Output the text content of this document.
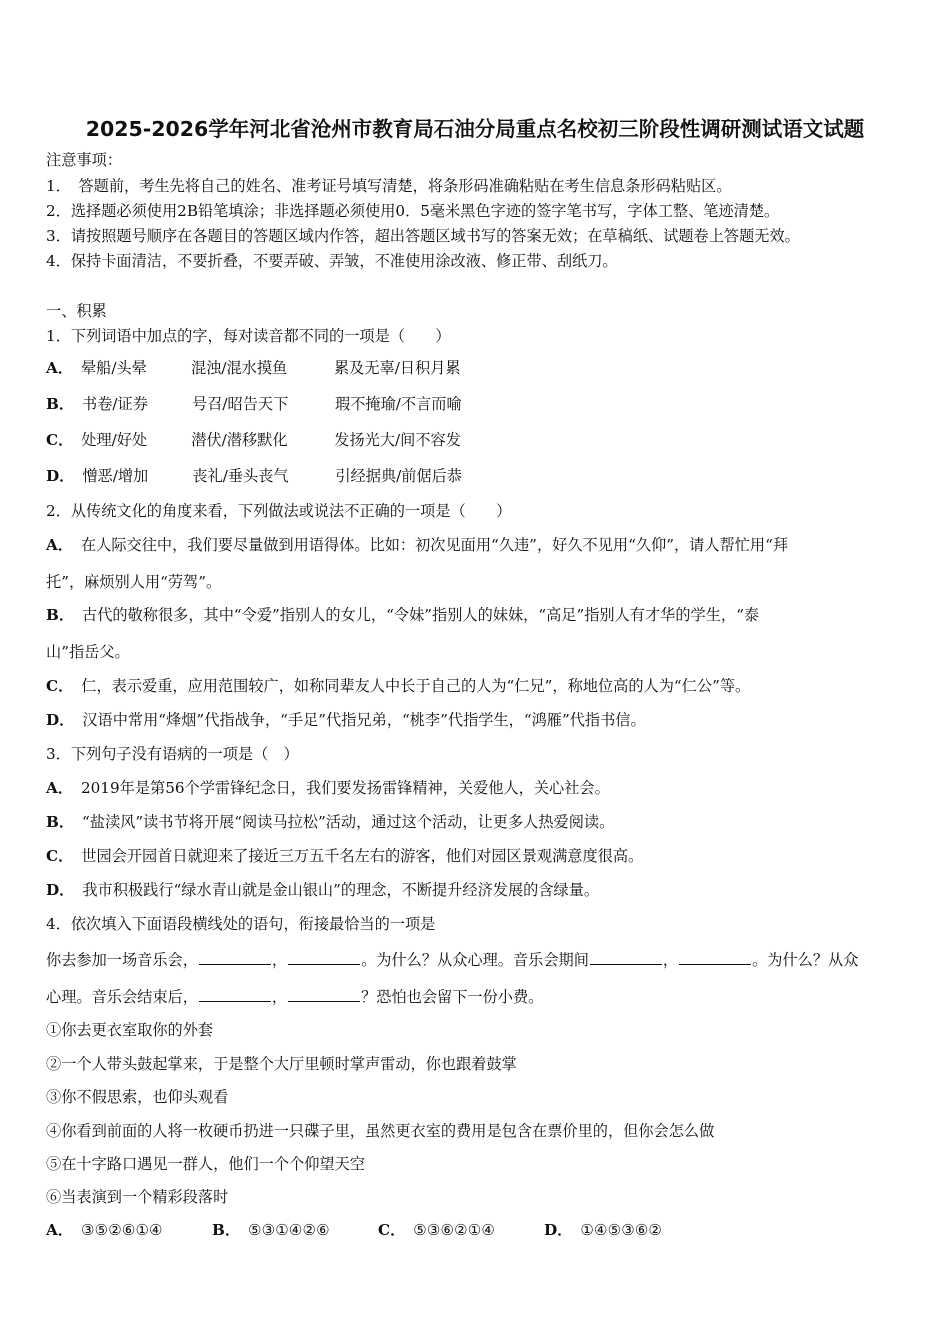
2025-2026学年河北省沧州市教育局石油分局重点名校初三阶段性调研测试语文试题
注意事项：
1．　答题前，考生先将自己的姓名、准考证号填写清楚，将条形码准确粘贴在考生信息条形码粘贴区。
2．选择题必须使用2B铅笔填涂；非选择题必须使用0．5毫米黑色字迹的签字笔书写，字体工整、笔迹清楚。
3．请按照题号顺序在各题目的答题区域内作答，超出答题区域书写的答案无效；在草稿纸、试题卷上答题无效。
4．保持卡面清洁，不要折叠，不要弄破、弄皱，不准使用涂改液、修正带、刮纸刀。
一、积累
1．下列词语中加点的字，每对读音都不同的一项是（　　）
A． 晕船/头晕	混浊/混水摸鱼	累及无辜/日积月累
B． 书卷/证券	号召/昭告天下	瑕不掩瑜/不言而喻
C． 处理/好处	潜伏/潜移默化	发扬光大/间不容发
D． 憎恶/增加	丧礼/垂头丧气	引经据典/前倨后恭
2．从传统文化的角度来看，下列做法或说法不正确的一项是（　　）
A． 在人际交往中，我们要尽量做到用语得体。比如：初次见面用“久违”，好久不见用“久仰”，请人帮忙用“拜
托”，麻烦别人用“劳驾”。
B． 古代的敬称很多，其中“令爱”指别人的女儿，“令妹”指别人的妹妹，“高足”指别人有才华的学生，“泰
山”指岳父。
C． 仁，表示爱重，应用范围较广，如称同辈友人中长于自己的人为“仁兄”，称地位高的人为“仁公”等。
D． 汉语中常用“烽烟”代指战争，“手足”代指兄弟，“桃李”代指学生，“鸿雁”代指书信。
3．下列句子没有语病的一项是（　）
A． 2019年是第56个学雷锋纪念日，我们要发扬雷锋精神，关爱他人，关心社会。
B． “盐渎风”读书节将开展“阅读马拉松”活动，通过这个活动，让更多人热爱阅读。
C． 世园会开园首日就迎来了接近三万五千名左右的游客，他们对园区景观满意度很高。
D． 我市积极践行“绿水青山就是金山银山”的理念，不断提升经济发展的含绿量。
4．依次填入下面语段横线处的语句，衔接最恰当的一项是
你去参加一场音乐会，	，	。为什么？从众心理。音乐会期间	，	。为什么？从众
心理。音乐会结束后，	，	？恐怕也会留下一份小费。
①你去更衣室取你的外套
②一个人带头鼓起掌来，于是整个大厅里顿时掌声雷动，你也跟着鼓掌
③你不假思索，也仰头观看
④你看到前面的人将一枚硬币扔进一只碟子里，虽然更衣室的费用是包含在票价里的，但你会怎么做
⑤在十字路口遇见一群人，他们一个个仰望天空
⑥当表演到一个精彩段落时
A． ③⑤②⑥①④	B． ⑤③①④②⑥	C． ⑤③⑥②①④	D． ①④⑤③⑥②
